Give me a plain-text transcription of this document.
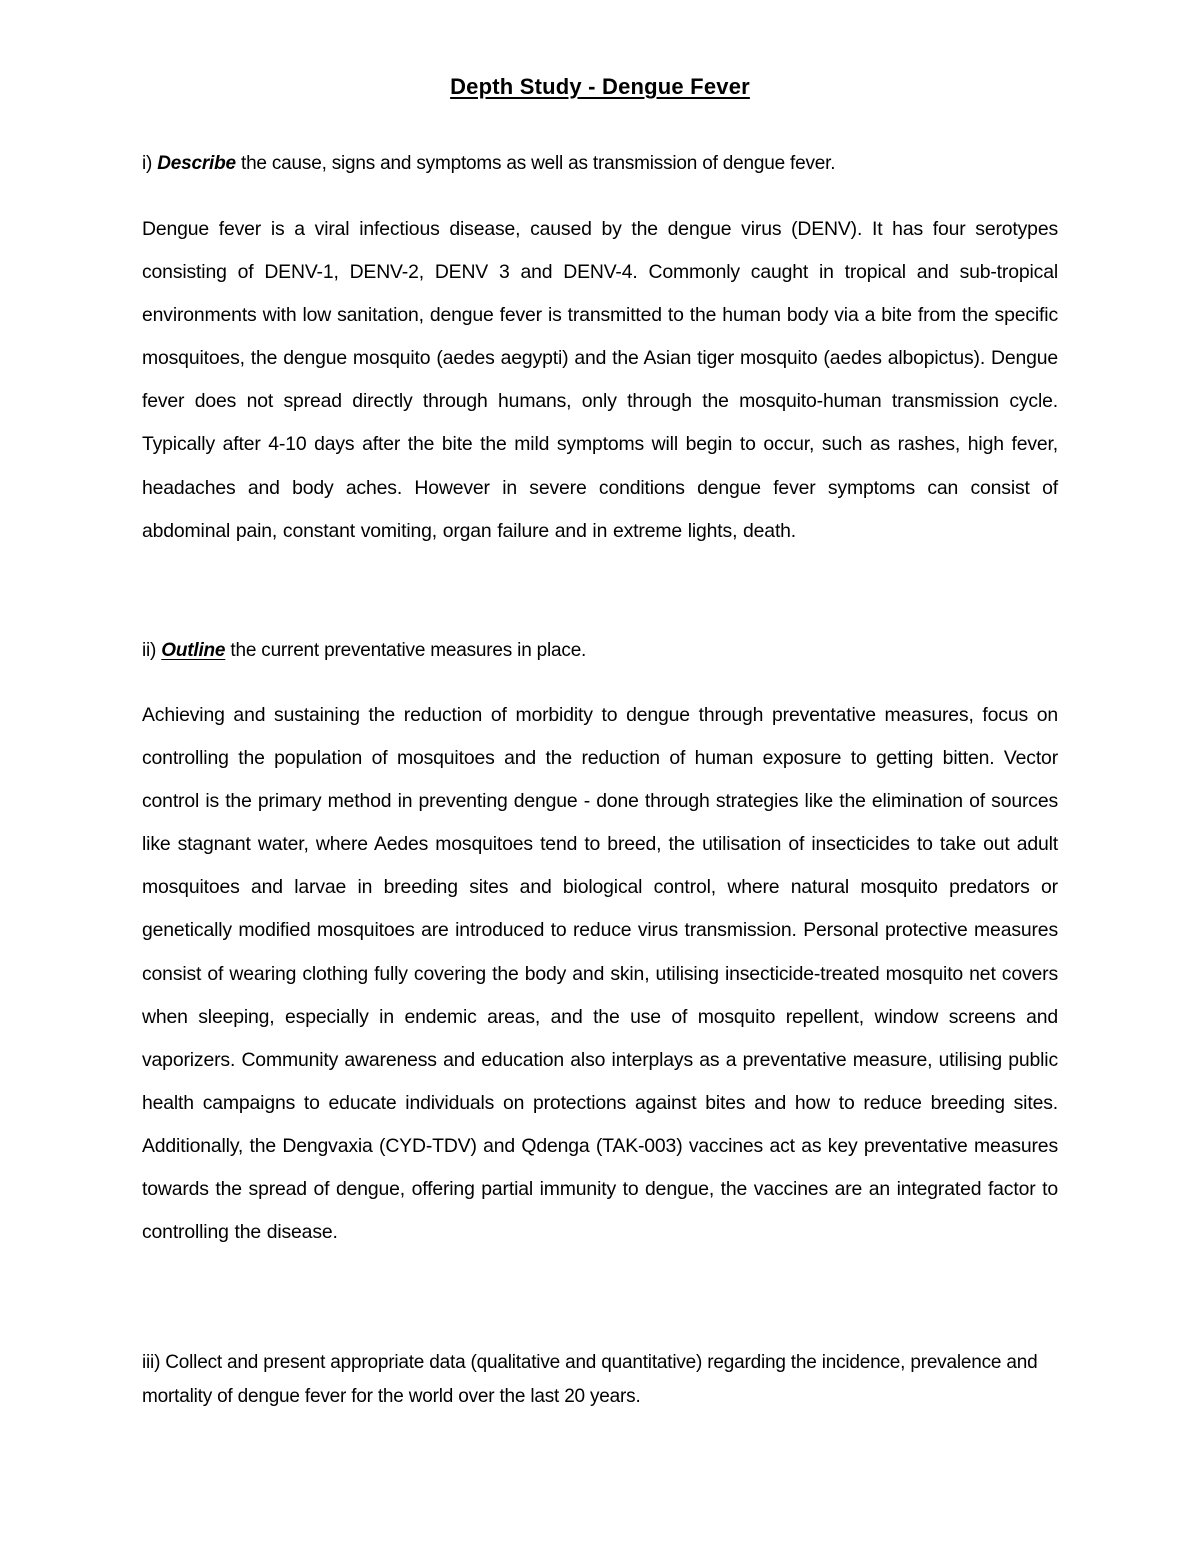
Depth Study - Dengue Fever
i) Describe the cause, signs and symptoms as well as transmission of dengue fever.
Dengue fever is a viral infectious disease, caused by the dengue virus (DENV). It has four serotypes consisting of DENV-1, DENV-2, DENV 3 and DENV-4. Commonly caught in tropical and sub-tropical environments with low sanitation, dengue fever is transmitted to the human body via a bite from the specific mosquitoes, the dengue mosquito (aedes aegypti) and the Asian tiger mosquito (aedes albopictus). Dengue fever does not spread directly through humans, only through the mosquito-human transmission cycle. Typically after 4-10 days after the bite the mild symptoms will begin to occur, such as rashes, high fever, headaches and body aches. However in severe conditions dengue fever symptoms can consist of abdominal pain, constant vomiting, organ failure and in extreme lights, death.
ii) Outline the current preventative measures in place.
Achieving and sustaining the reduction of morbidity to dengue through preventative measures, focus on controlling the population of mosquitoes and the reduction of human exposure to getting bitten. Vector control is the primary method in preventing dengue - done through strategies like the elimination of sources like stagnant water, where Aedes mosquitoes tend to breed, the utilisation of insecticides to take out adult mosquitoes and larvae in breeding sites and biological control, where natural mosquito predators or genetically modified mosquitoes are introduced to reduce virus transmission. Personal protective measures consist of wearing clothing fully covering the body and skin, utilising insecticide-treated mosquito net covers when sleeping, especially in endemic areas, and the use of mosquito repellent, window screens and vaporizers. Community awareness and education also interplays as a preventative measure, utilising public health campaigns to educate individuals on protections against bites and how to reduce breeding sites. Additionally, the Dengvaxia (CYD-TDV) and Qdenga (TAK-003) vaccines act as key preventative measures towards the spread of dengue, offering partial immunity to dengue, the vaccines are an integrated factor to controlling the disease.
iii) Collect and present appropriate data (qualitative and quantitative) regarding the incidence, prevalence and mortality of dengue fever for the world over the last 20 years.
